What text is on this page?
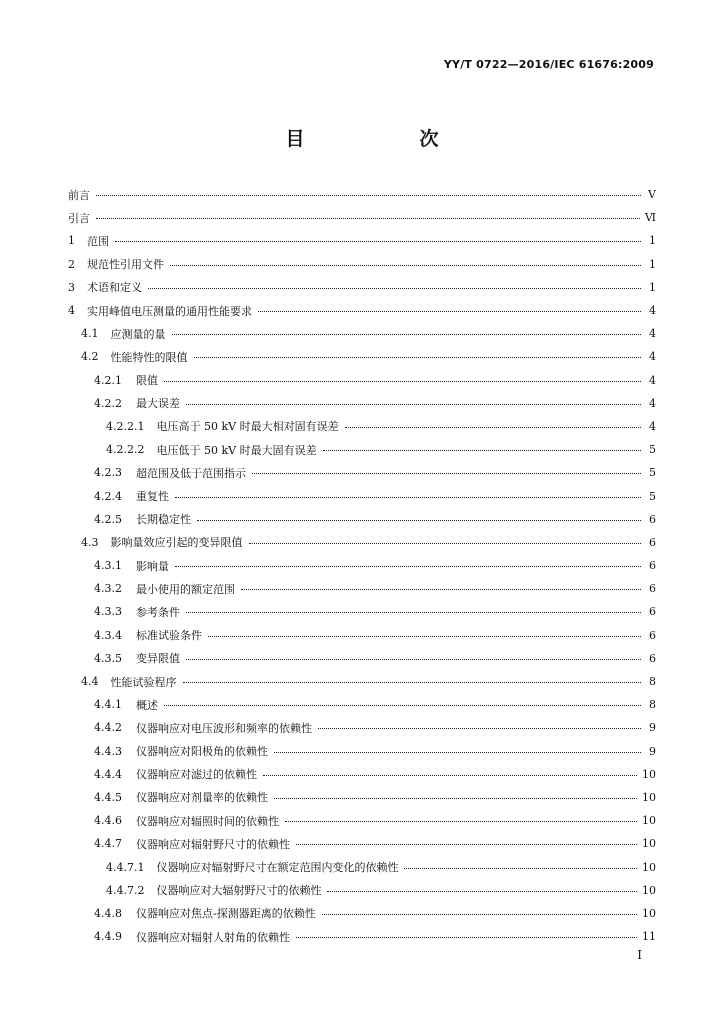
YY/T 0722—2016/IEC 61676:2009
目　次
前言	Ⅴ
引言	Ⅵ
1 范围	1
2 规范性引用文件	1
3 术语和定义	1
4 实用峰值电压测量的通用性能要求	4
4.1 应测量的量	4
4.2 性能特性的限值	4
4.2.1 限值	4
4.2.2 最大误差	4
4.2.2.1 电压高于 50 kV 时最大相对固有误差	4
4.2.2.2 电压低于 50 kV 时最大固有误差	5
4.2.3 超范围及低于范围指示	5
4.2.4 重复性	5
4.2.5 长期稳定性	6
4.3 影响量效应引起的变异限值	6
4.3.1 影响量	6
4.3.2 最小使用的额定范围	6
4.3.3 参考条件	6
4.3.4 标准试验条件	6
4.3.5 变异限值	6
4.4 性能试验程序	8
4.4.1 概述	8
4.4.2 仪器响应对电压波形和频率的依赖性	9
4.4.3 仪器响应对阳极角的依赖性	9
4.4.4 仪器响应对滤过的依赖性	10
4.4.5 仪器响应对剂量率的依赖性	10
4.4.6 仪器响应对辐照时间的依赖性	10
4.4.7 仪器响应对辐射野尺寸的依赖性	10
4.4.7.1 仪器响应对辐射野尺寸在额定范围内变化的依赖性	10
4.4.7.2 仪器响应对大辐射野尺寸的依赖性	10
4.4.8 仪器响应对焦点-探测器距离的依赖性	10
4.4.9 仪器响应对辐射人射角的依赖性	11
I
